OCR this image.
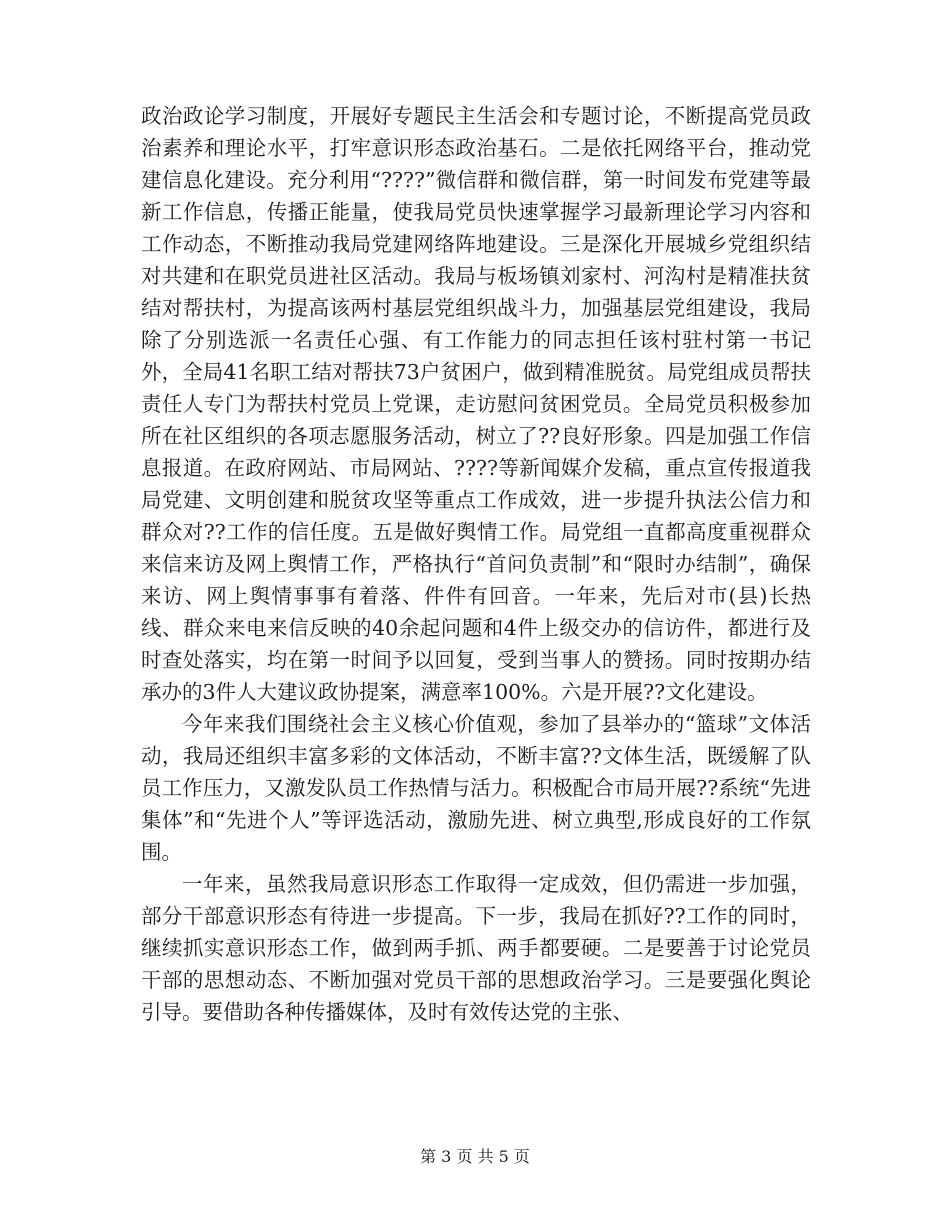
政治政论学习制度，开展好专题民主生活会和专题讨论，不断提高党员政治素养和理论水平，打牢意识形态政治基石。二是依托网络平台，推动党建信息化建设。充分利用“????”微信群和微信群，第一时间发布党建等最新工作信息，传播正能量，使我局党员快速掌握学习最新理论学习内容和工作动态，不断推动我局党建网络阵地建设。三是深化开展城乡党组织结对共建和在职党员进社区活动。我局与板场镇刘家村、河沟村是精准扶贫结对帮扶村，为提高该两村基层党组织战斗力，加强基层党组建设，我局除了分别选派一名责任心强、有工作能力的同志担任该村驻村第一书记外，全局41名职工结对帮扶73户贫困户，做到精准脱贫。局党组成员帮扶责任人专门为帮扶村党员上党课，走访慰问贫困党员。全局党员积极参加所在社区组织的各项志愿服务活动，树立了??良好形象。四是加强工作信息报道。在政府网站、市局网站、????等新闻媒介发稿，重点宣传报道我局党建、文明创建和脱贫攻坚等重点工作成效，进一步提升执法公信力和群众对??工作的信任度。五是做好舆情工作。局党组一直都高度重视群众来信来访及网上舆情工作，严格执行“首问负责制”和“限时办结制”，确保来访、网上舆情事事有着落、件件有回音。一年来，先后对市(县)长热线、群众来电来信反映的40余起问题和4件上级交办的信访件，都进行及时查处落实，均在第一时间予以回复，受到当事人的赞扬。同时按期办结承办的3件人大建议政协提案，满意率100%。六是开展??文化建设。

今年来我们围绕社会主义核心价值观，参加了县举办的“篮球”文体活动，我局还组织丰富多彩的文体活动，不断丰富??文体生活，既缓解了队员工作压力，又激发队员工作热情与活力。积极配合市局开展??系统“先进集体”和“先进个人”等评选活动，激励先进、树立典型,形成良好的工作氛围。

一年来，虽然我局意识形态工作取得一定成效，但仍需进一步加强，部分干部意识形态有待进一步提高。下一步，我局在抓好??工作的同时，继续抓实意识形态工作，做到两手抓、两手都要硬。二是要善于讨论党员干部的思想动态、不断加强对党员干部的思想政治学习。三是要强化舆论引导。要借助各种传播媒体，及时有效传达党的主张、

第 3 页 共 5 页
